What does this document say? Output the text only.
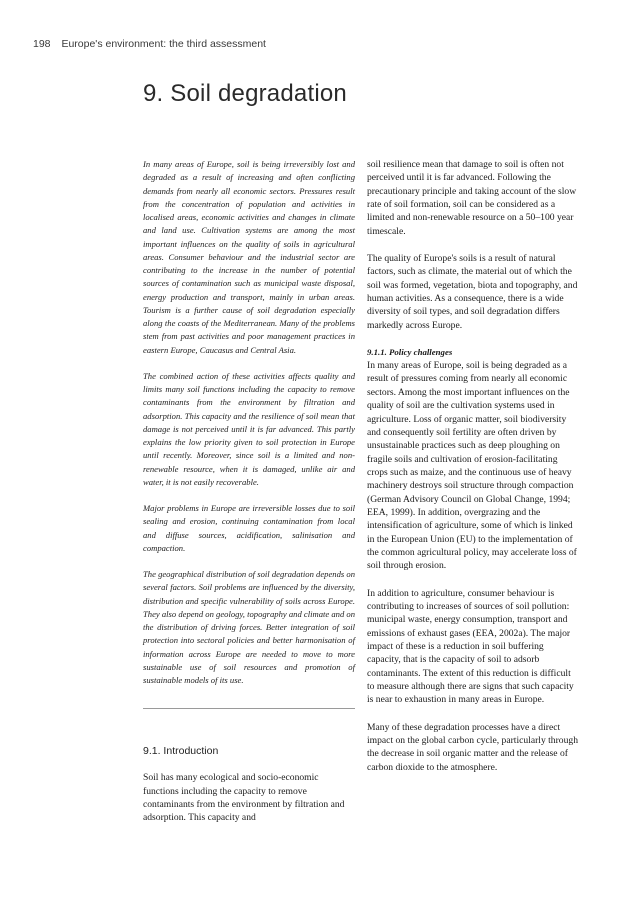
198 Europe's environment: the third assessment
9. Soil degradation

In many areas of Europe, soil is being irreversibly lost and degraded as a result of increasing and often conflicting demands from nearly all economic sectors. Pressures result from the concentration of population and activities in localised areas, economic activities and changes in climate and land use. Cultivation systems are among the most important influences on the quality of soils in agricultural areas. Consumer behaviour and the industrial sector are contributing to the increase in the number of potential sources of contamination such as municipal waste disposal, energy production and transport, mainly in urban areas. Tourism is a further cause of soil degradation especially along the coasts of the Mediterranean. Many of the problems stem from past activities and poor management practices in eastern Europe, Caucasus and Central Asia.

The combined action of these activities affects quality and limits many soil functions including the capacity to remove contaminants from the environment by filtration and adsorption. This capacity and the resilience of soil mean that damage is not perceived until it is far advanced. This partly explains the low priority given to soil protection in Europe until recently. Moreover, since soil is a limited and non-renewable resource, when it is damaged, unlike air and water, it is not easily recoverable.

Major problems in Europe are irreversible losses due to soil sealing and erosion, continuing contamination from local and diffuse sources, acidification, salinisation and compaction.

The geographical distribution of soil degradation depends on several factors. Soil problems are influenced by the diversity, distribution and specific vulnerability of soils across Europe. They also depend on geology, topography and climate and on the distribution of driving forces. Better integration of soil protection into sectoral policies and better harmonisation of information across Europe are needed to move to more sustainable use of soil resources and promotion of sustainable models of its use.

9.1. Introduction

Soil has many ecological and socio-economic functions including the capacity to remove contaminants from the environment by filtration and adsorption. This capacity and

soil resilience mean that damage to soil is often not perceived until it is far advanced. Following the precautionary principle and taking account of the slow rate of soil formation, soil can be considered as a limited and non-renewable resource on a 50–100 year timescale.

The quality of Europe's soils is a result of natural factors, such as climate, the material out of which the soil was formed, vegetation, biota and topography, and human activities. As a consequence, there is a wide diversity of soil types, and soil degradation differs markedly across Europe.

9.1.1. Policy challenges

In many areas of Europe, soil is being degraded as a result of pressures coming from nearly all economic sectors. Among the most important influences on the quality of soil are the cultivation systems used in agriculture. Loss of organic matter, soil biodiversity and consequently soil fertility are often driven by unsustainable practices such as deep ploughing on fragile soils and cultivation of erosion-facilitating crops such as maize, and the continuous use of heavy machinery destroys soil structure through compaction (German Advisory Council on Global Change, 1994; EEA, 1999). In addition, overgrazing and the intensification of agriculture, some of which is linked in the European Union (EU) to the implementation of the common agricultural policy, may accelerate loss of soil through erosion.

In addition to agriculture, consumer behaviour is contributing to increases of sources of soil pollution: municipal waste, energy consumption, transport and emissions of exhaust gases (EEA, 2002a). The major impact of these is a reduction in soil buffering capacity, that is the capacity of soil to adsorb contaminants. The extent of this reduction is difficult to measure although there are signs that such capacity is near to exhaustion in many areas in Europe.

Many of these degradation processes have a direct impact on the global carbon cycle, particularly through the decrease in soil organic matter and the release of carbon dioxide to the atmosphere.
